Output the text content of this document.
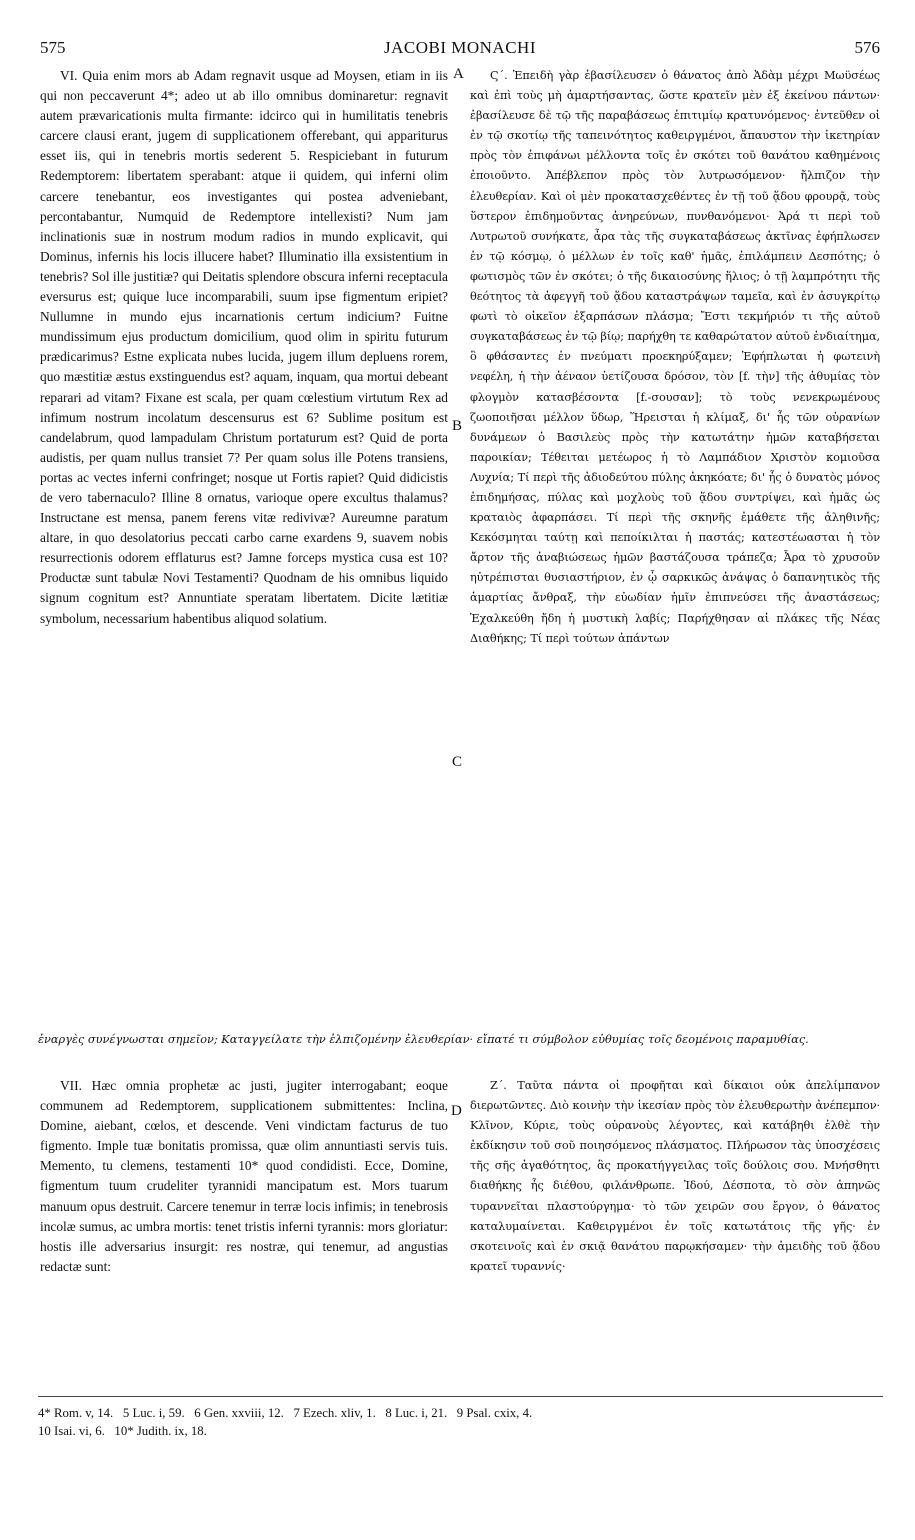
575	JACOBI MONACHI	576

VI. Quia enim mors ab Adam regnavit usque ad Moysen, etiam in iis qui non peccaverunt 4*; adeo ut ab illo omnibus dominaretur: regnavit autem prævaricationis multa firmante: idcirco qui in humilitatis tenebris carcere clausi erant, jugem di supplicationem offerebant, qui appariturus esset iis, qui in tenebris mortis sederent 5. Respiciebant in futurum Redemptorem: libertatem sperabant: atque ii quidem, qui inferni olim carcere tenebantur, eos investigantes qui postea adveniebant, percontabantur, Numquid de Redemptore intellexisti? Num jam inclinationis suæ in nostrum modum radios in mundo explicavit, qui Dominus, infernis his locis illucere habet? Illuminatio illa exsistentium in tenebris? Sol ille justitiæ? qui Deitatis splendore obscura inferni receptacula eversurus est; quique luce incomparabili, suum ipse figmentum eripiet? Nullumne in mundo ejus incarnationis certum indicium? Fuitne mundissimum ejus productum domicilium, quod olim in spiritu futurum prædicarimus? Estne explicata nubes lucida, jugem illum depluens rorem, quo mæstitiæ æstus exstinguendus est? aquam, inquam, qua mortui debeant reparari ad vitam? Fixane est scala, per quam cœlestium virtutum Rex ad infimum nostrum incolatum descensurus est 6? Sublime positum est candelabrum, quod lampadulam Christum portaturum est? Quid de porta audistis, per quam nullus transiet 7? Per quam solus ille Potens transiens, portas ac vectes inferni confringet; nosque ut Fortis rapiet? Quid didicistis de vero tabernaculo? Illine 8 ornatus, varioque opere excultus thalamus? Instructane est mensa, panem ferens vitæ redivivæ? Aureumne paratum altare, in quo desolatorius peccati carbo carne exardens 9, suavem nobis resurrectionis odorem efflaturus est? Jamne forceps mystica cusa est 10? Productæ sunt tabulæ Novi Testamenti? Quodnam de his omnibus liquido signum cognitum est? Annuntiate speratam libertatem. Dicite lætitiæ symbolum, necessarium habentibus aliquod solatium.

Ϛ΄. Ἐπειδὴ γὰρ ἐβασίλευσεν ὁ θάνατος ἀπὸ Ἀδὰμ μέχρι Μωϋσέως καὶ ἐπὶ τοὺς μὴ ἁμαρτήσαντας, ὥστε κρατεῖν μὲν ἐξ ἐκείνου πάντων· ἐβασίλευσε δὲ τῷ τῆς παραβάσεως ἐπιτιμίῳ κρατυνόμενος· ἐντεῦθεν οἱ ἐν τῷ σκοτίῳ τῆς ταπεινότητος καθειργμένοι, ἄπαυστον τὴν ἱκετηρίαν πρὸς τὸν ἐπιφάνωι μέλλοντα τοῖς ἐν σκότει τοῦ θανάτου καθημένοις ἐποιοῦντο. Ἀπέβλεπον πρὸς τὸν λυτρωσόμενον· ἤλπιζον τὴν ἐλευθερίαν. Καὶ οἱ μὲν προκατασχεθέντες ἐν τῇ τοῦ ᾅδου φρουρᾷ, τοὺς ὕστερον ἐπιδημοῦντας ἀνηρεύνων, πυνθανόμενοι· Ἀρά τι περὶ τοῦ Λυτρωτοῦ συνήκατε, ἆρα τὰς τῆς συγκαταβάσεως ἀκτῖνας ἐφήπλωσεν ἐν τῷ κόσμῳ, ὁ μέλλων ἐν τοῖς καθ' ἡμᾶς, ἐπιλάμπειν Δεσπότης; ὁ φωτισμὸς τῶν ἐν σκότει; ὁ τῆς δικαιοσύνης ἥλιος; ὁ τῇ λαμπρότητι τῆς θεότητος τὰ ἀφεγγῆ τοῦ ᾅδου καταστράψων ταμεῖα, καὶ ἐν ἀσυγκρίτῳ φωτὶ τὸ οἰκεῖον ἐξαρπάσων πλάσμα; Ἔστι τεκμήριόν τι τῆς αὐτοῦ συγκαταβάσεως ἐν τῷ βίῳ; παρήχθη τε καθαρώτατον αὐτοῦ ἐνδιαίτημα, ὃ φθάσαντες ἐν πνεύματι προεκηρύξαμεν; Ἐφήπλωται ἡ φωτεινὴ νεφέλη, ἡ τὴν ἀέναον ὑετίζουσα δρόσον, τὸν [f. τὴν] τῆς ἀθυμίας τὸν φλογμὸν κατασβέσοντα [f.-σουσαν]; τὸ τοὺς νενεκρωμένους ζωοποιῆσαι μέλλον ὕδωρ, Ἥρεισται ἡ κλίμαξ, δι' ἧς τῶν οὐρανίων δυνάμεων ὁ Βασιλεὺς πρὸς τὴν κατωτάτην ἡμῶν καταβήσεται παροικίαν; Τέθειται μετέωρος ἡ τὸ Λαμπάδιον Χριστὸν κομιοῦσα Λυχνία; Τί περὶ τῆς ἀδιοδεύτου πύλης ἀκηκόατε; δι' ἧς ὁ δυνατὸς μόνος ἐπιδημήσας, πύλας καὶ μοχλοὺς τοῦ ᾅδου συντρίψει, καὶ ἡμᾶς ὡς κραταιὸς ἀφαρπάσει. Τί περὶ τῆς σκηνῆς ἐμάθετε τῆς ἀληθινῆς; Κεκόσμηται ταύτῃ καὶ πεποίκιλται ἡ παστάς; κατεστέωασται ἡ τὸν ἄρτον τῆς ἀναβιώσεως ἡμῶν βαστάζουσα τράπεζα; Ἆρα τὸ χρυσοῦν ηὐτρέπισται θυσιαστήριον, ἐν ᾧ σαρκικῶς ἀνάψας ὁ δαπανητικὸς τῆς ἁμαρτίας ἄνθραξ, τὴν εὐωδίαν ἡμῖν ἐπιπνεύσει τῆς ἀναστάσεως; Ἐχαλκεύθη ἤδη ἡ μυστικὴ λαβίς; Παρήχθησαν αἱ πλάκες τῆς Νέας Διαθήκης; Τί περὶ τούτων ἁπάντων

A
B
C
D

ἐναργὲς συνέγνωσται σημεῖον; Καταγγείλατε τὴν ἐλπιζομένην ἐλευθερίαν· εἴπατέ τι σύμβολον εὐθυμίας τοῖς δεομένοις παραμυθίας.

VII. Hæc omnia prophetæ ac justi, jugiter interrogabant; eoque communem ad Redemptorem, supplicationem submittentes: Inclina, Domine, aiebant, cœlos, et descende. Veni vindictam facturus de tuo figmento. Imple tuæ bonitatis promissa, quæ olim annuntiasti servis tuis. Memento, tu clemens, testamenti 10* quod condidisti. Ecce, Domine, figmentum tuum crudeliter tyrannidi mancipatum est. Mors tuarum manuum opus destruit. Carcere tenemur in terræ locis infimis; in tenebrosis incolæ sumus, ac umbra mortis: tenet tristis inferni tyrannis: mors gloriatur: hostis ille adversarius insurgit: res nostræ, qui tenemur, ad angustias redactæ sunt:

Ζ΄. Ταῦτα πάντα οἱ προφῆται καὶ δίκαιοι οὐκ ἀπελίμπανον διερωτῶντες. Διὸ κοινὴν τὴν ἱκεσίαν πρὸς τὸν ἐλευθερωτὴν ἀνέπεμπον· Κλῖνον, Κύριε, τοὺς οὐρανοὺς λέγοντες, καὶ κατάβηθι ἐλθὲ τὴν ἐκδίκησιν τοῦ σοῦ ποιησόμενος πλάσματος. Πλήρωσον τὰς ὑποσχέσεις τῆς σῆς ἀγαθότητος, ἃς προκατήγγειλας τοῖς δούλοις σου. Μνήσθητι διαθήκης ἧς διέθου, φιλάνθρωπε. Ἰδού, Δέσποτα, τὸ σὸν ἀπηνῶς τυραννεῖται πλαστούργημα· τὸ τῶν χειρῶν σου ἔργον, ὁ θάνατος καταλυμαίνεται. Καθειργμένοι ἐν τοῖς κατωτάτοις τῆς γῆς· ἐν σκοτεινοῖς καὶ ἐν σκιᾷ θανάτου παρῳκήσαμεν· τὴν ἀμειδὴς τοῦ ᾅδου κρατεῖ τυραννίς·

4* Rom. v, 14.   5 Luc. i, 59.   6 Gen. xxviii, 12.   7 Ezech. xliv, 1.   8 Luc. i, 21.   9 Psal. cxix, 4.
10 Isai. vi, 6.   10* Judith. ix, 18.
